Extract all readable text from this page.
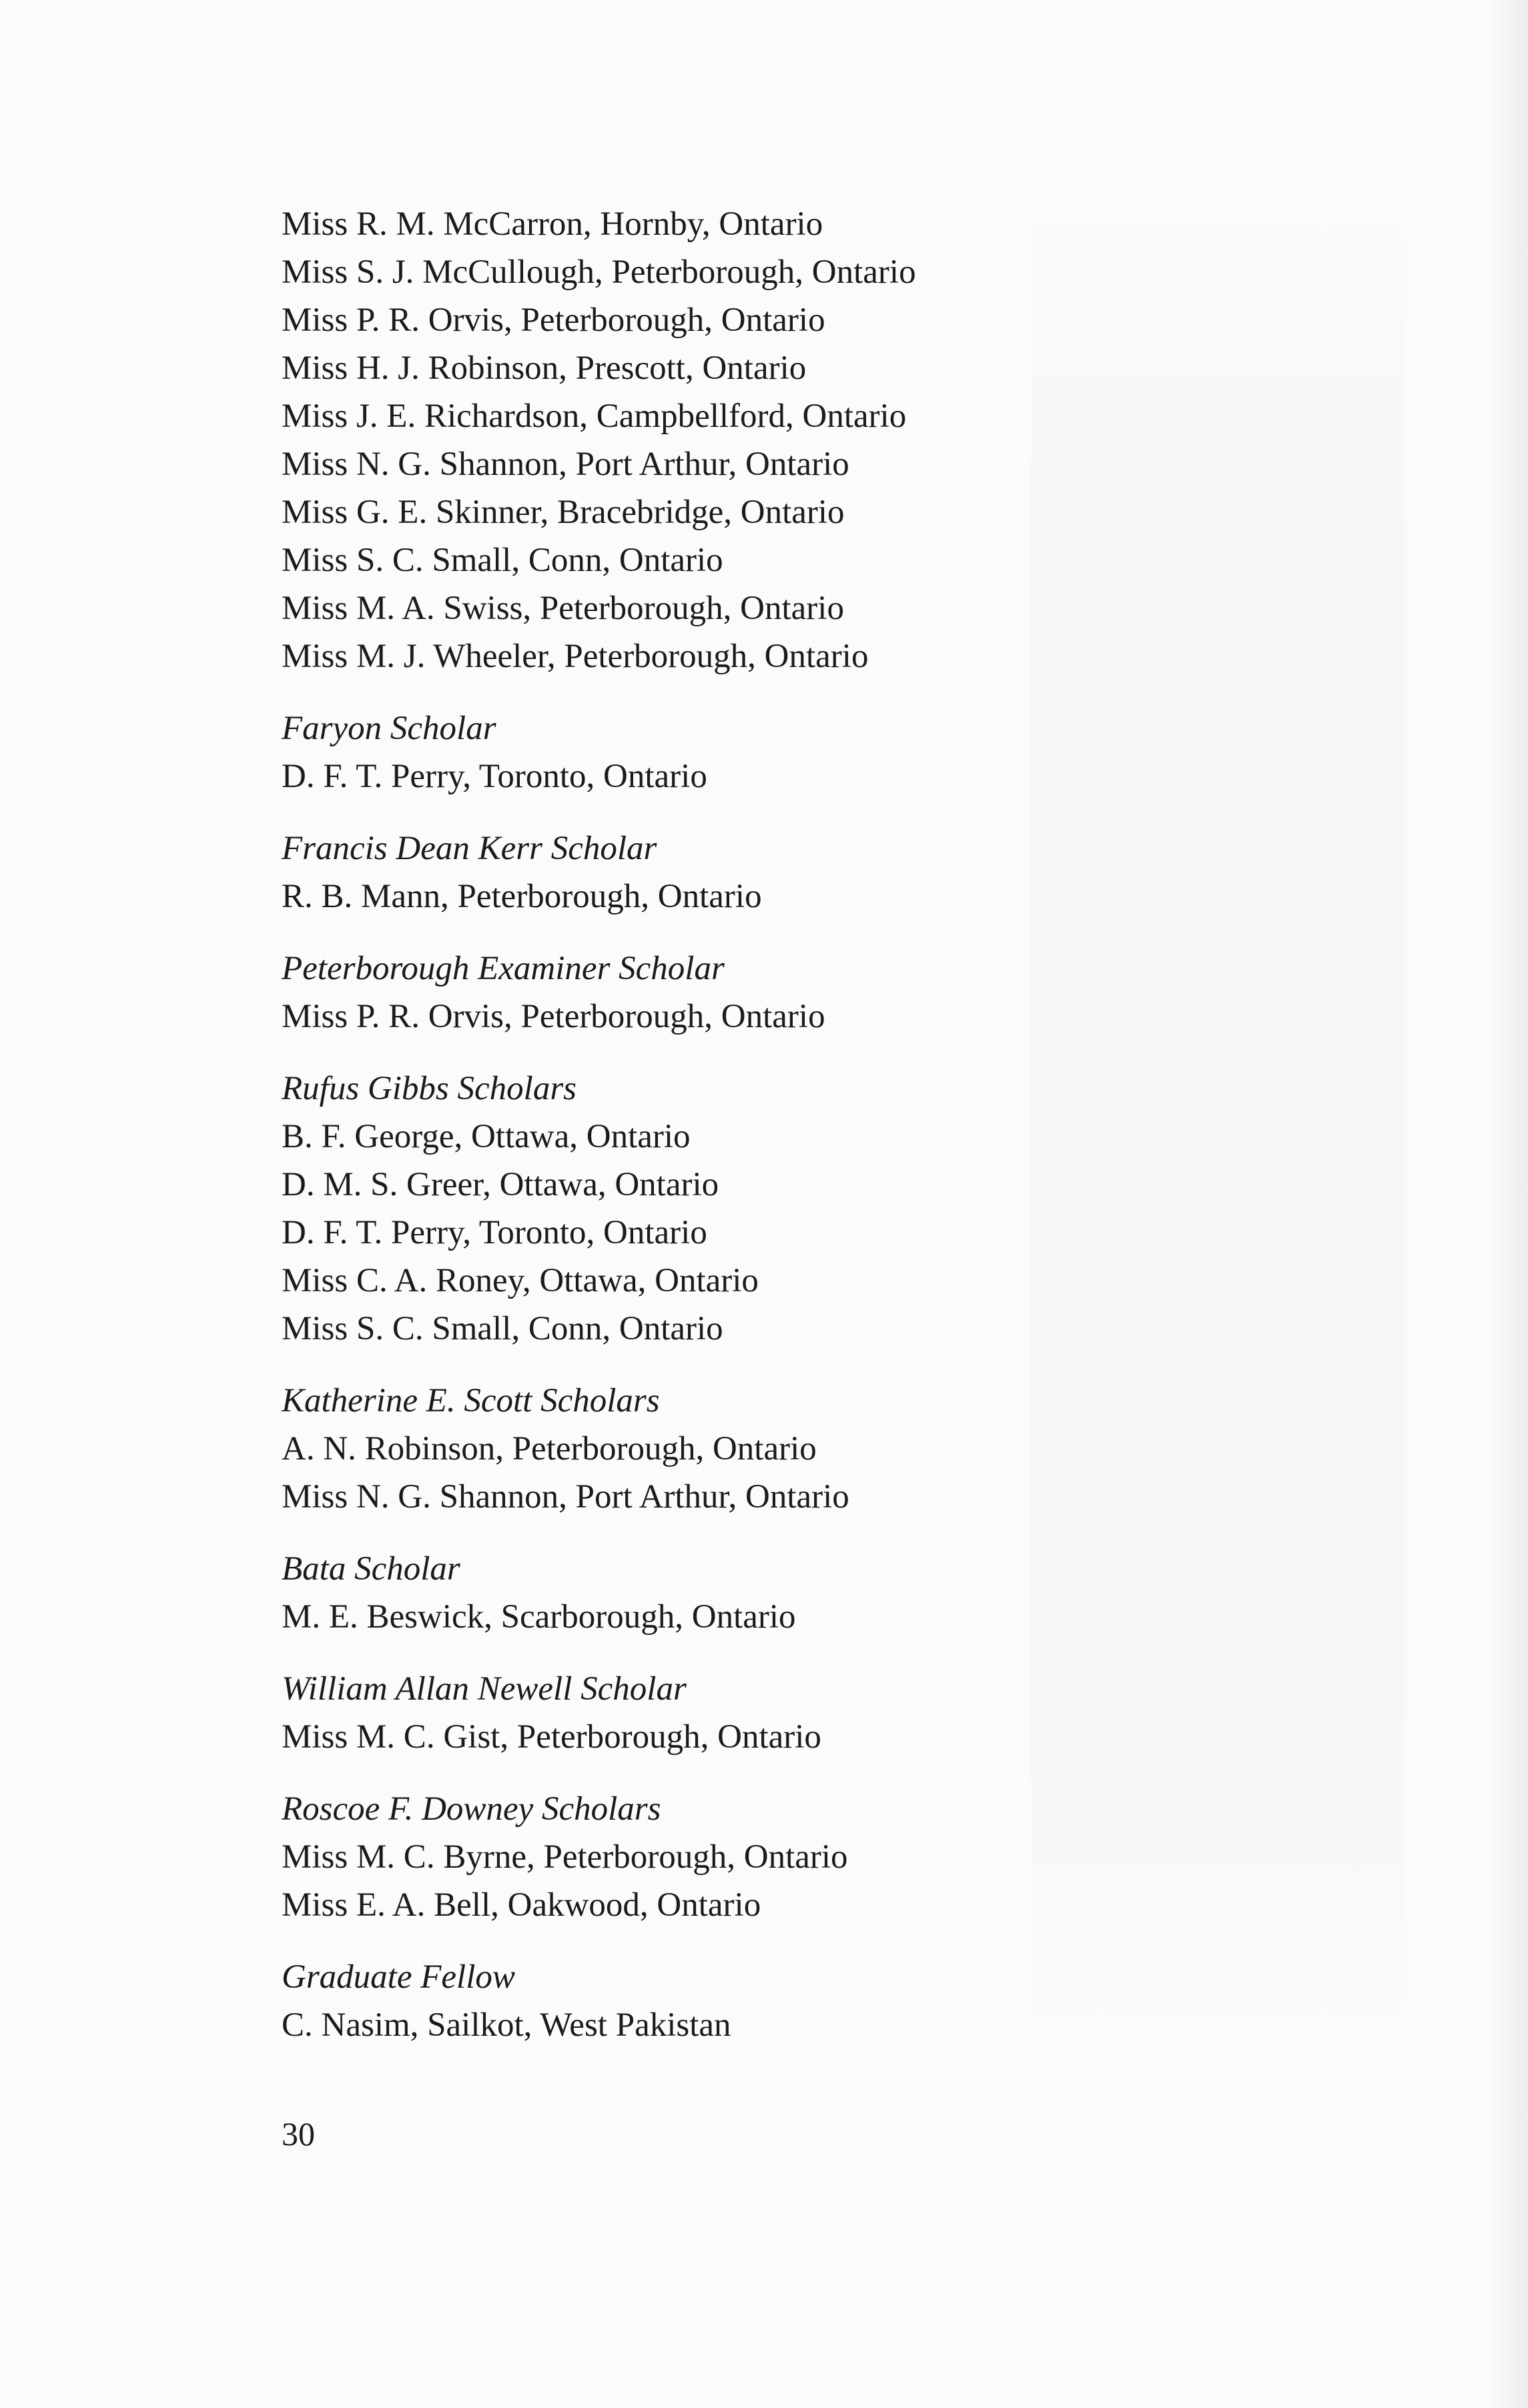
Miss R. M. McCarron, Hornby, Ontario
Miss S. J. McCullough, Peterborough, Ontario
Miss P. R. Orvis, Peterborough, Ontario
Miss H. J. Robinson, Prescott, Ontario
Miss J. E. Richardson, Campbellford, Ontario
Miss N. G. Shannon, Port Arthur, Ontario
Miss G. E. Skinner, Bracebridge, Ontario
Miss S. C. Small, Conn, Ontario
Miss M. A. Swiss, Peterborough, Ontario
Miss M. J. Wheeler, Peterborough, Ontario
Faryon Scholar
D. F. T. Perry, Toronto, Ontario
Francis Dean Kerr Scholar
R. B. Mann, Peterborough, Ontario
Peterborough Examiner Scholar
Miss P. R. Orvis, Peterborough, Ontario
Rufus Gibbs Scholars
B. F. George, Ottawa, Ontario
D. M. S. Greer, Ottawa, Ontario
D. F. T. Perry, Toronto, Ontario
Miss C. A. Roney, Ottawa, Ontario
Miss S. C. Small, Conn, Ontario
Katherine E. Scott Scholars
A. N. Robinson, Peterborough, Ontario
Miss N. G. Shannon, Port Arthur, Ontario
Bata Scholar
M. E. Beswick, Scarborough, Ontario
William Allan Newell Scholar
Miss M. C. Gist, Peterborough, Ontario
Roscoe F. Downey Scholars
Miss M. C. Byrne, Peterborough, Ontario
Miss E. A. Bell, Oakwood, Ontario
Graduate Fellow
C. Nasim, Sailkot, West Pakistan
30
